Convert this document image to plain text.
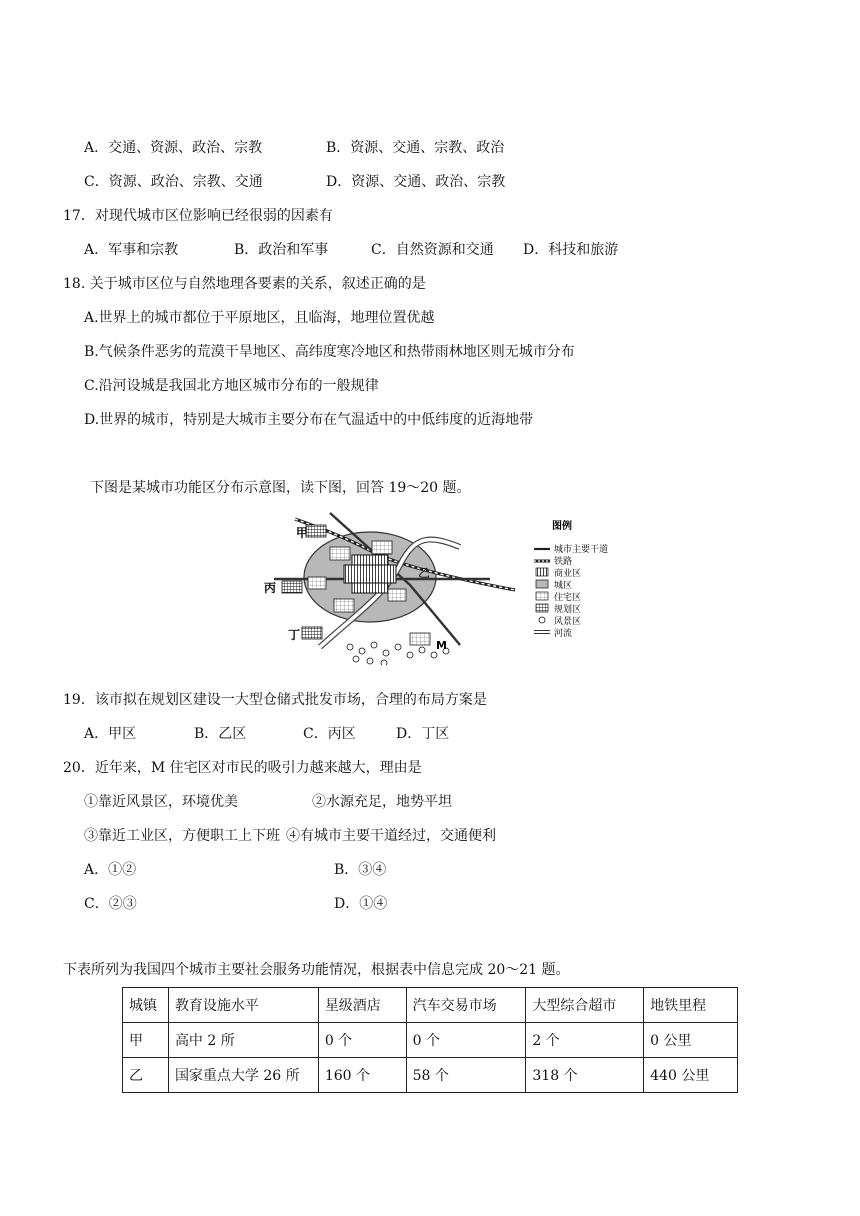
A．交通、资源、政治、宗教	B．资源、交通、宗教、政治
C．资源、政治、宗教、交通	D．资源、交通、政治、宗教
17．对现代城市区位影响已经很弱的因素有
A．军事和宗教	B．政治和军事	C．自然资源和交通 D．科技和旅游
18. 关于城市区位与自然地理各要素的关系，叙述正确的是
A.世界上的城市都位于平原地区，且临海，地理位置优越
B.气候条件恶劣的荒漠干旱地区、高纬度寒冷地区和热带雨林地区则无城市分布
C.沿河设城是我国北方地区城市分布的一般规律
D.世界的城市，特别是大城市主要分布在气温适中的中低纬度的近海地带
下图是某城市功能区分布示意图，读下图，回答 19～20 题。
甲
乙
丙
丁
M
图例
城市主要干道
铁路
商业区
城区
住宅区
规划区
风景区
河流
19．该市拟在规划区建设一大型仓储式批发市场，合理的布局方案是
A．甲区	B．乙区	C．丙区	D．丁区
20．近年来，M 住宅区对市民的吸引力越来越大，理由是
①靠近风景区，环境优美	②水源充足，地势平坦
③靠近工业区，方便职工上下班 ④有城市主要干道经过，交通便利
A．①②	B．③④
C．②③	D．①④
下表所列为我国四个城市主要社会服务功能情况，根据表中信息完成 20～21 题。
城镇	教育设施水平	星级酒店	汽车交易市场	大型综合超市	地铁里程
甲	高中 2 所	0 个	0 个	2 个	0 公里
乙	国家重点大学 26 所	160 个	58 个	318 个	440 公里
